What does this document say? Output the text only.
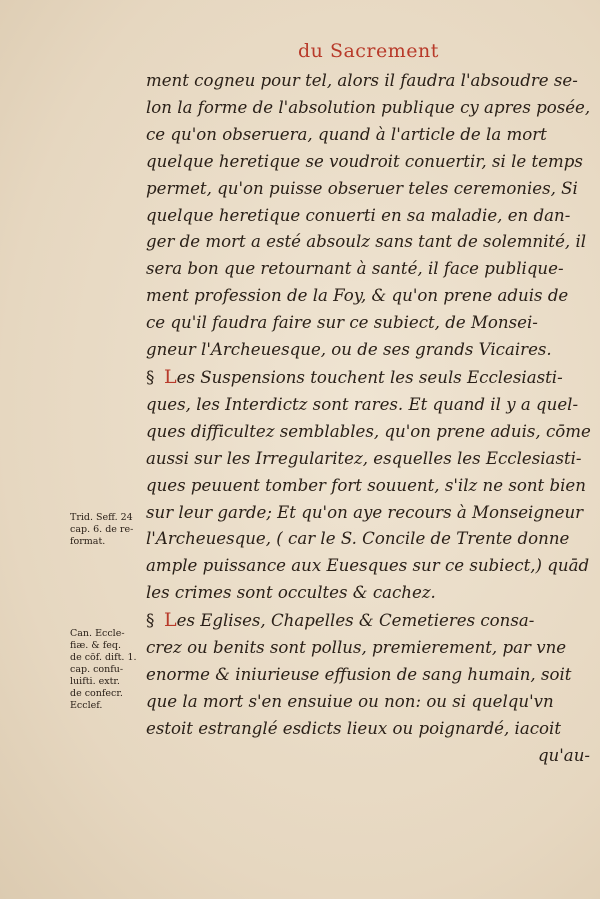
du Sacrement
Trid. Seff. 24
cap. 6. de re-
format.
Can. Eccle-
fiæ. & feq.
de cōf. dift. 1.
cap. confu-
luifti. extr.
de confecr.
Ecclef.
ment cogneu pour tel, alors il faudra l'absoudre se-
lon la forme de l'absolution publique cy apres posée,
ce qu'on obseruera, quand à l'article de la mort
quelque heretique se voudroit conuertir, si le temps
permet, qu'on puisse obseruer teles ceremonies, Si
quelque heretique conuerti en sa maladie, en dan-
ger de mort a esté absoulz sans tant de solemnité, il
sera bon que retournant à santé, il face publique-
ment profession de la Foy, & qu'on prene aduis de
ce qu'il faudra faire sur ce subiect, de Monsei-
gneur l'Archeuesque, ou de ses grands Vicaires.
§ Les Suspensions touchent les seuls Ecclesiasti-
ques, les Interdictz sont rares. Et quand il y a quel-
ques difficultez semblables, qu'on prene aduis, cōme
aussi sur les Irregularitez, esquelles les Ecclesiasti-
ques peuuent tomber fort souuent, s'ilz ne sont bien
sur leur garde; Et qu'on aye recours à Monseigneur
l'Archeuesque, ( car le S. Concile de Trente donne
ample puissance aux Euesques sur ce subiect,) quād
les crimes sont occultes & cachez.
§ Les Eglises, Chapelles & Cemetieres consa-
crez ou benits sont pollus, premierement, par vne
enorme & iniurieuse effusion de sang humain, soit
que la mort s'en ensuiue ou non: ou si quelqu'vn
estoit estranglé esdicts lieux ou poignardé, iacoit
qu'au-
